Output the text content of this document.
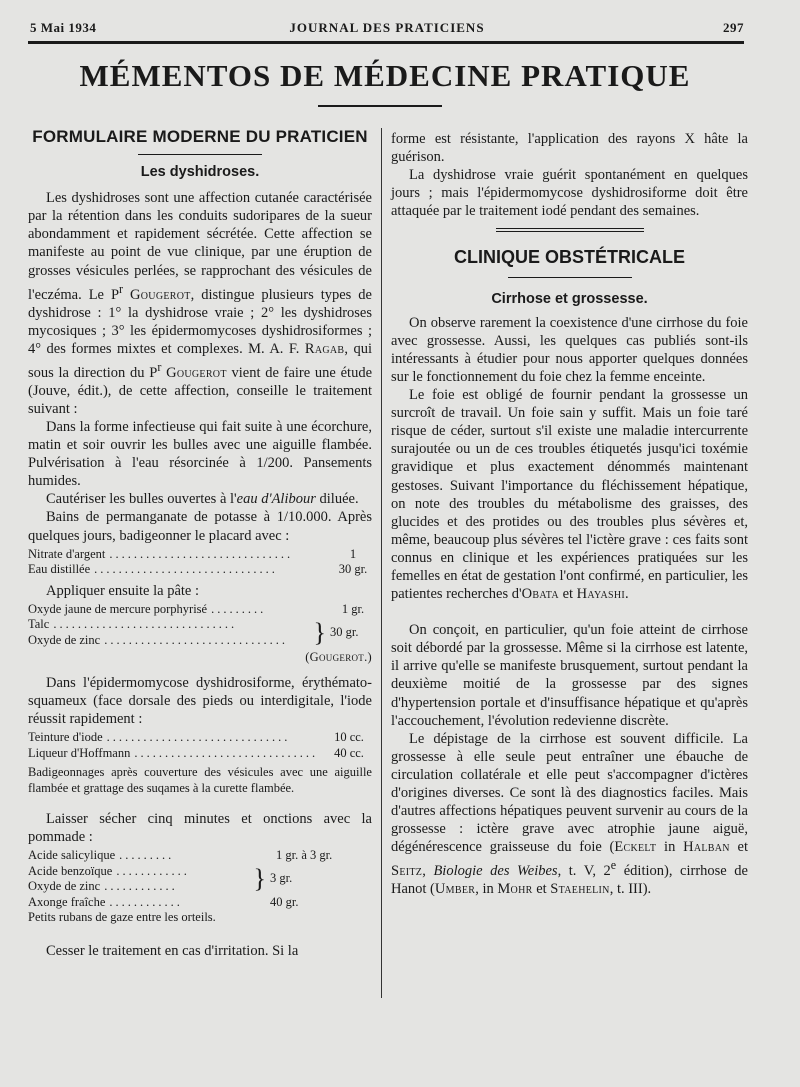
5 Mai 1934	JOURNAL DES PRATICIENS	297
MÉMENTOS DE MÉDECINE PRATIQUE
FORMULAIRE MODERNE DU PRATICIEN
Les dyshidroses.

Les dyshidroses sont une affection cutanée caractérisée par la rétention dans les conduits sudoripares de la sueur abondamment et rapidement sécrétée. Cette affection se manifeste au point de vue clinique, par une éruption de grosses vésicules perlées, se rapprochant des vésicules de l'eczéma. Le $P^r$ Gougerot, distingue plusieurs types de dyshidrose : 1° la dyshidrose vraie ; 2° les dyshidroses mycosiques ; 3° les épidermomycoses dyshidrosiformes ; 4° des formes mixtes et complexes. M. A. F. Ragab, qui sous la direction du $P^r$ Gougerot vient de faire une étude (Jouve, édit.), de cette affection, conseille le traitement suivant :

Dans la forme infectieuse qui fait suite à une écorchure, matin et soir ouvrir les bulles avec une aiguille flambée. Pulvérisation à l'eau résorcinée à 1/200. Pansements humides.

Cautériser les bulles ouvertes à l'eau d'Alibour diluée.

Bains de permanganate de potasse à 1/10.000. Après quelques jours, badigeonner le placard avec :

Nitrate d'argent ..............................	1
Eau distillée ..............................	30 gr.

Appliquer ensuite la pâte :

Oxyde jaune de mercure porphyrisé .........	1 gr.
Talc ..............................
Oxyde de zinc .............................. } 30 gr.
(Gougerot.)

Dans l'épidermomycose dyshidrosiforme, érythémato-squameux (face dorsale des pieds ou interdigitale, l'iode réussit rapidement :

Teinture d'iode ..............................	10 cc.
Liqueur d'Hoffmann ..............................	40 cc.

Badigeonnages après couverture des vésicules avec une aiguille flambée et grattage des suqames à la curette flambée.

Laisser sécher cinq minutes et onctions avec la pommade :

Acide salicylique .........	1 gr. à 3 gr.
Acide benzoïque ............
Oxyde de zinc ............	} 3 gr.
Axonge fraîche ............	40 gr.
Petits rubans de gaze entre les orteils.

Cesser le traitement en cas d'irritation. Si la

forme est résistante, l'application des rayons X hâte la guérison.

La dyshidrose vraie guérit spontanément en quelques jours ; mais l'épidermomycose dyshidrosiforme doit être attaquée par le traitement iodé pendant des semaines.

CLINIQUE OBSTÉTRICALE
Cirrhose et grossesse.

On observe rarement la coexistence d'une cirrhose du foie avec grossesse. Aussi, les quelques cas publiés sont-ils intéressants à étudier pour nous apporter quelques données sur le fonctionnement du foie chez la femme enceinte.

Le foie est obligé de fournir pendant la grossesse un surcroît de travail. Un foie sain y suffit. Mais un foie taré risque de céder, surtout s'il existe une maladie intercurrente surajoutée ou un de ces troubles étiquetés jusqu'ici toxémie gravidique et plus exactement dénommés maintenant gestoses. Suivant l'importance du fléchissement hépatique, on note des troubles du métabolisme des graisses, des glucides et des protides ou des troubles plus sévères et, même, beaucoup plus sévères tel l'ictère grave : ces faits sont connus en clinique et les expériences pratiquées sur les femelles en état de gestation l'ont confirmé, en particulier, les patientes recherches d'Obata et Hayashi.

On conçoit, en particulier, qu'un foie atteint de cirrhose soit débordé par la grossesse. Même si la cirrhose est latente, il arrive qu'elle se manifeste brusquement, surtout pendant la deuxième moitié de la grossesse par des signes d'hypertension portale et d'insuffisance hépatique et qu'après l'accouchement, l'évolution redevienne discrète.

Le dépistage de la cirrhose est souvent difficile. La grossesse à elle seule peut entraîner une ébauche de circulation collatérale et elle peut s'accompagner d'ictères d'origines diverses. Ce sont là des diagnostics faciles. Mais d'autres affections hépatiques peuvent survenir au cours de la grossesse : ictère grave avec atrophie jaune aiguë, dégénérescence graisseuse du foie (Eckelt in Halban et Seitz, Biologie des Weibes, t. V, 2e édition), cirrhose de Hanot (Umber, in Mohr et Staehelin, t. III).
